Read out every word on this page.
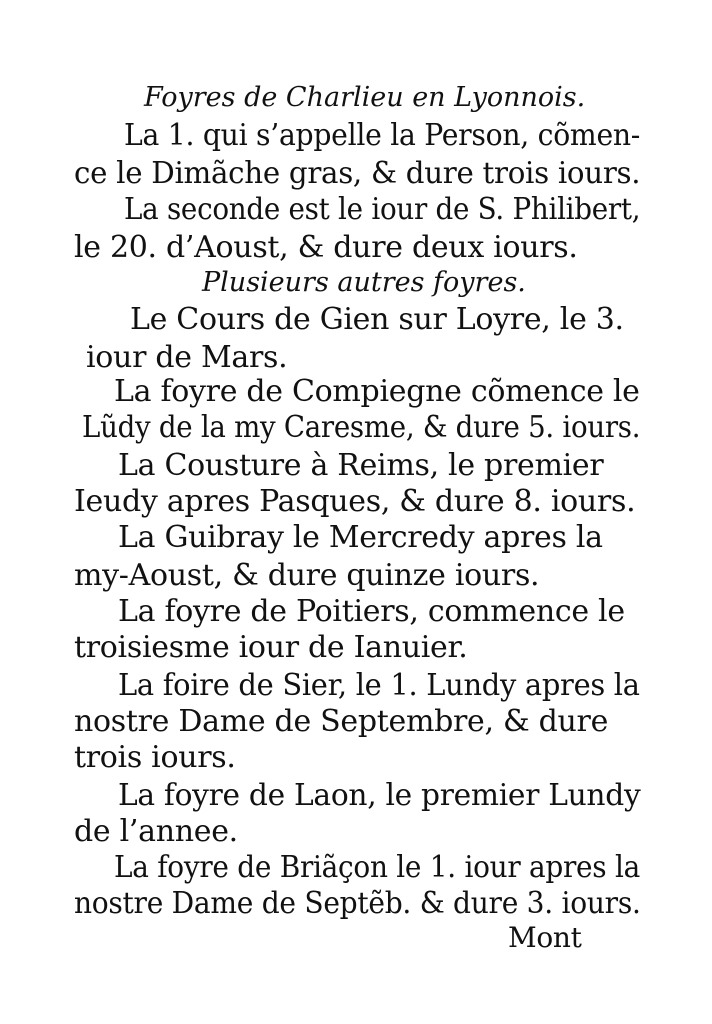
Foyres de Charlieu en Lyonnois.
La 1. qui s’appelle la Person, cõmen-
ce le Dimãche gras, & dure trois iours.
La seconde est le iour de S. Philibert,
le 20. d’Aoust, & dure deux iours.
Plusieurs autres foyres.
Le Cours de Gien sur Loyre, le 3.
iour de Mars.
La foyre de Compiegne cõmence le
Lũdy de la my Caresme, & dure 5. iours.
La Cousture à Reims, le premier
Ieudy apres Pasques, & dure 8. iours.
La Guibray le Mercredy apres la
my-Aoust, & dure quinze iours.
La foyre de Poitiers, commence le
troisiesme iour de Ianuier.
La foire de Sier, le 1. Lundy apres la
nostre Dame de Septembre, & dure
trois iours.
La foyre de Laon, le premier Lundy
de l’annee.
La foyre de Briãçon le 1. iour apres la
nostre Dame de Septẽb. & dure 3. iours.
Mont
